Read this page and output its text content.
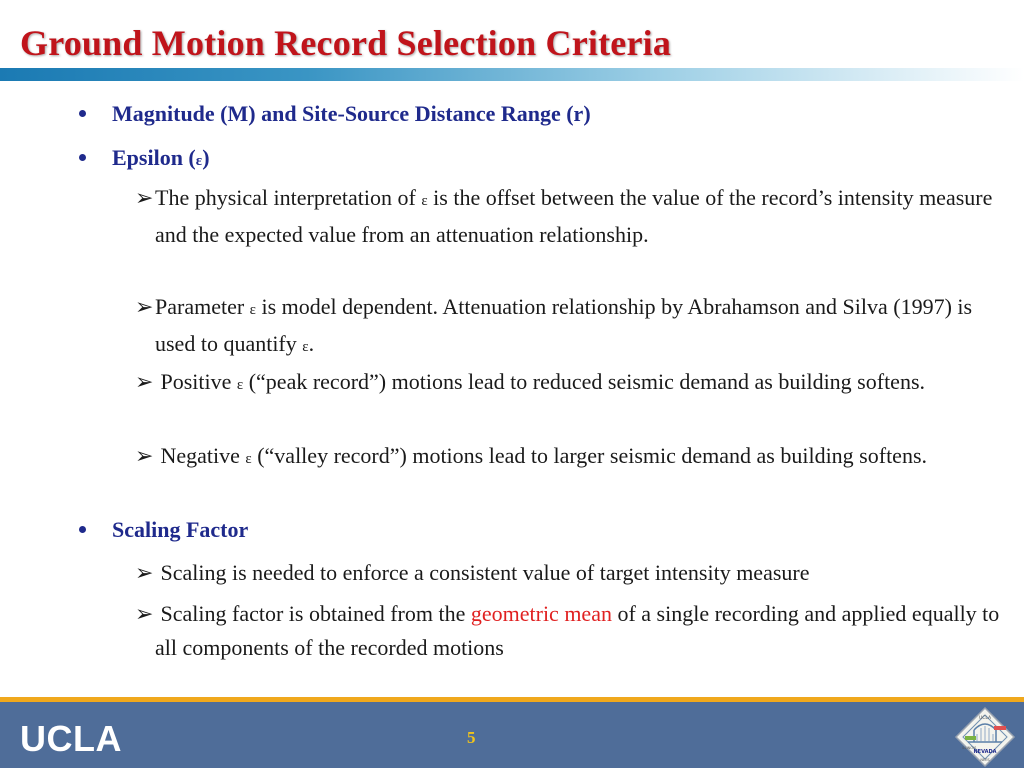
Ground Motion Record Selection Criteria
Magnitude (M) and Site-Source Distance Range (r)
Epsilon (ε)
➢The physical interpretation of ε is the offset between the value of the record’s intensity measure and the expected value from an attenuation relationship.
➢Parameter ε is model dependent. Attenuation relationship by Abrahamson and Silva (1997) is used to quantify ε.
➢ Positive ε (“peak record”) motions lead to reduced seismic demand as building softens.
➢ Negative ε (“valley record”) motions lead to larger seismic demand as building softens.
Scaling Factor
➢ Scaling is needed to enforce a consistent value of target intensity measure
➢ Scaling factor is obtained from the geometric mean of a single recording and applied equally to all components of the recorded motions
UCLA	5
UCLA
NEVADA
ILLINOIS
NEES
